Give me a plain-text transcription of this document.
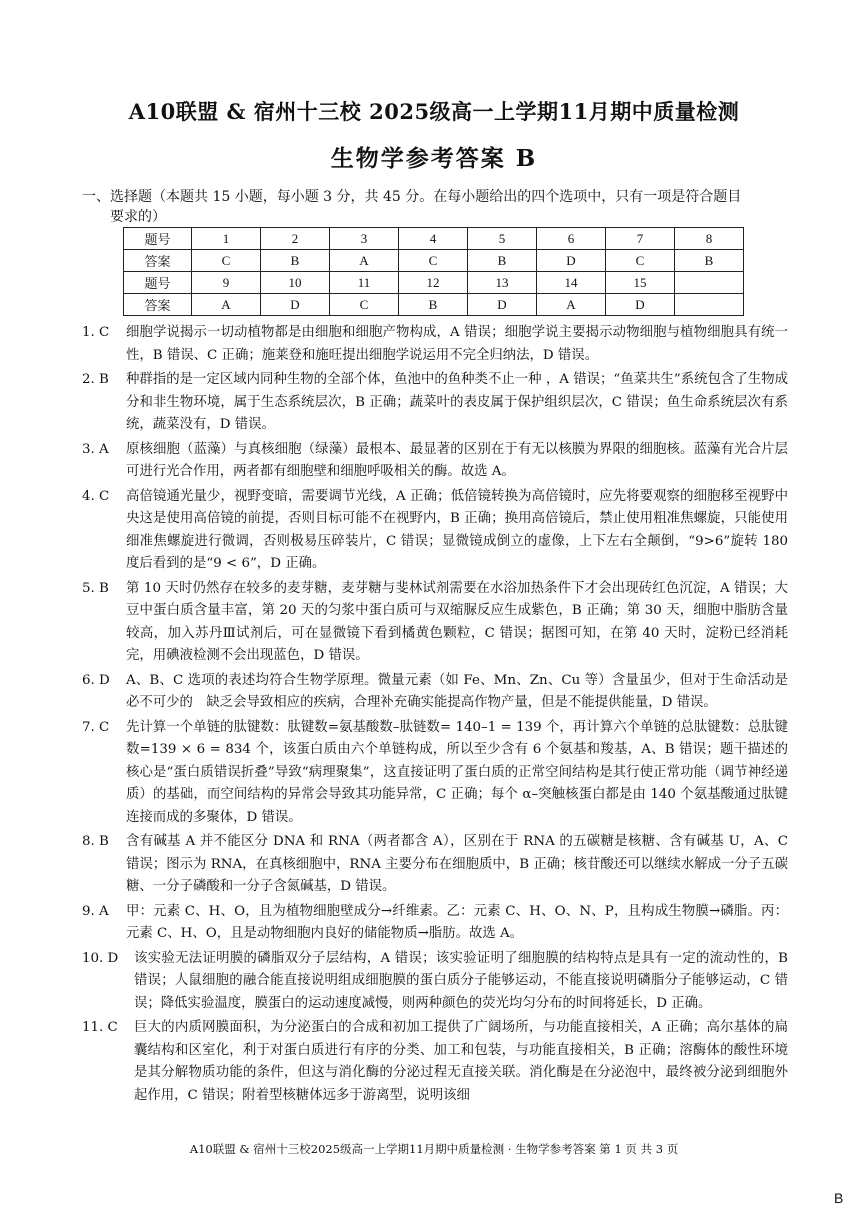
A10联盟 & 宿州十三校 2025级高一上学期11月期中质量检测
生物学参考答案 B
一、选择题（本题共 15 小题，每小题 3 分，共 45 分。在每小题给出的四个选项中，只有一项是符合题目
要求的）
题号	1	2	3	4	5	6	7	8
答案	C	B	A	C	B	D	C	B
题号	9	10	11	12	13	14	15	
答案	A	D	C	B	D	A	D	
1. C	细胞学说揭示一切动植物都是由细胞和细胞产物构成，A 错误；细胞学说主要揭示动物细胞与植物细胞具有统一性，B 错误、C 正确；施莱登和施旺提出细胞学说运用不完全归纳法，D 错误。
2. B	种群指的是一定区域内同种生物的全部个体，鱼池中的鱼种类不止一种 ，A 错误；“鱼菜共生”系统包含了生物成分和非生物环境，属于生态系统层次，B 正确；蔬菜叶的表皮属于保护组织层次，C 错误；鱼生命系统层次有系统，蔬菜没有，D 错误。
3. A	原核细胞（蓝藻）与真核细胞（绿藻）最根本、最显著的区别在于有无以核膜为界限的细胞核。蓝藻有光合片层可进行光合作用，两者都有细胞壁和细胞呼吸相关的酶。故选 A。
4. C	高倍镜通光量少，视野变暗，需要调节光线，A 正确；低倍镜转换为高倍镜时，应先将要观察的细胞移至视野中央这是使用高倍镜的前提，否则目标可能不在视野内，B 正确；换用高倍镜后，禁止使用粗准焦螺旋，只能使用细准焦螺旋进行微调，否则极易压碎装片，C 错误；显微镜成倒立的虚像，上下左右全颠倒，“9>6”旋转 180 度后看到的是“9 < 6”，D 正确。
5. B	第 10 天时仍然存在较多的麦芽糖，麦芽糖与斐林试剂需要在水浴加热条件下才会出现砖红色沉淀，A 错误；大豆中蛋白质含量丰富，第 20 天的匀浆中蛋白质可与双缩脲反应生成紫色，B 正确；第 30 天，细胞中脂肪含量较高，加入苏丹Ⅲ试剂后，可在显微镜下看到橘黄色颗粒，C 错误；据图可知，在第 40 天时，淀粉已经消耗完，用碘液检测不会出现蓝色，D 错误。
6. D	A、B、C 选项的表述均符合生物学原理。微量元素（如 Fe、Mn、Zn、Cu 等）含量虽少，但对于生命活动是必不可少的　缺乏会导致相应的疾病，合理补充确实能提高作物产量，但是不能提供能量，D 错误。
7. C	先计算一个单链的肽键数：肽键数=氨基酸数–肽链数= 140–1 = 139 个，再计算六个单链的总肽键数：总肽键数=139 × 6 = 834 个，该蛋白质由六个单链构成，所以至少含有 6 个氨基和羧基，A、B 错误；题干描述的核心是“蛋白质错误折叠”导致“病理聚集”，这直接证明了蛋白质的正常空间结构是其行使正常功能（调节神经递质）的基础，而空间结构的异常会导致其功能异常，C 正确；每个 α–突触核蛋白都是由 140 个氨基酸通过肽键连接而成的多聚体，D 错误。
8. B	含有碱基 A 并不能区分 DNA 和 RNA（两者都含 A），区别在于 RNA 的五碳糖是核糖、含有碱基 U，A、C 错误；图示为 RNA，在真核细胞中，RNA 主要分布在细胞质中，B 正确；核苷酸还可以继续水解成一分子五碳糖、一分子磷酸和一分子含氮碱基，D 错误。
9. A	甲：元素 C、H、O，且为植物细胞壁成分→纤维素。乙：元素 C、H、O、N、P，且构成生物膜→磷脂。丙：元素 C、H、O，且是动物细胞内良好的储能物质→脂肪。故选 A。
10. D	该实验无法证明膜的磷脂双分子层结构，A 错误；该实验证明了细胞膜的结构特点是具有一定的流动性的，B 错误；人鼠细胞的融合能直接说明组成细胞膜的蛋白质分子能够运动，不能直接说明磷脂分子能够运动，C 错误；降低实验温度，膜蛋白的运动速度减慢，则两种颜色的荧光均匀分布的时间将延长，D 正确。
11. C	巨大的内质网膜面积，为分泌蛋白的合成和初加工提供了广阔场所，与功能直接相关，A 正确；高尔基体的扁囊结构和区室化，利于对蛋白质进行有序的分类、加工和包装，与功能直接相关，B 正确；溶酶体的酸性环境是其分解物质功能的条件，但这与消化酶的分泌过程无直接关联。消化酶是在分泌泡中，最终被分泌到细胞外起作用，C 错误；附着型核糖体远多于游离型，说明该细
A10联盟 & 宿州十三校2025级高一上学期11月期中质量检测 · 生物学参考答案 第 1 页 共 3 页
B
